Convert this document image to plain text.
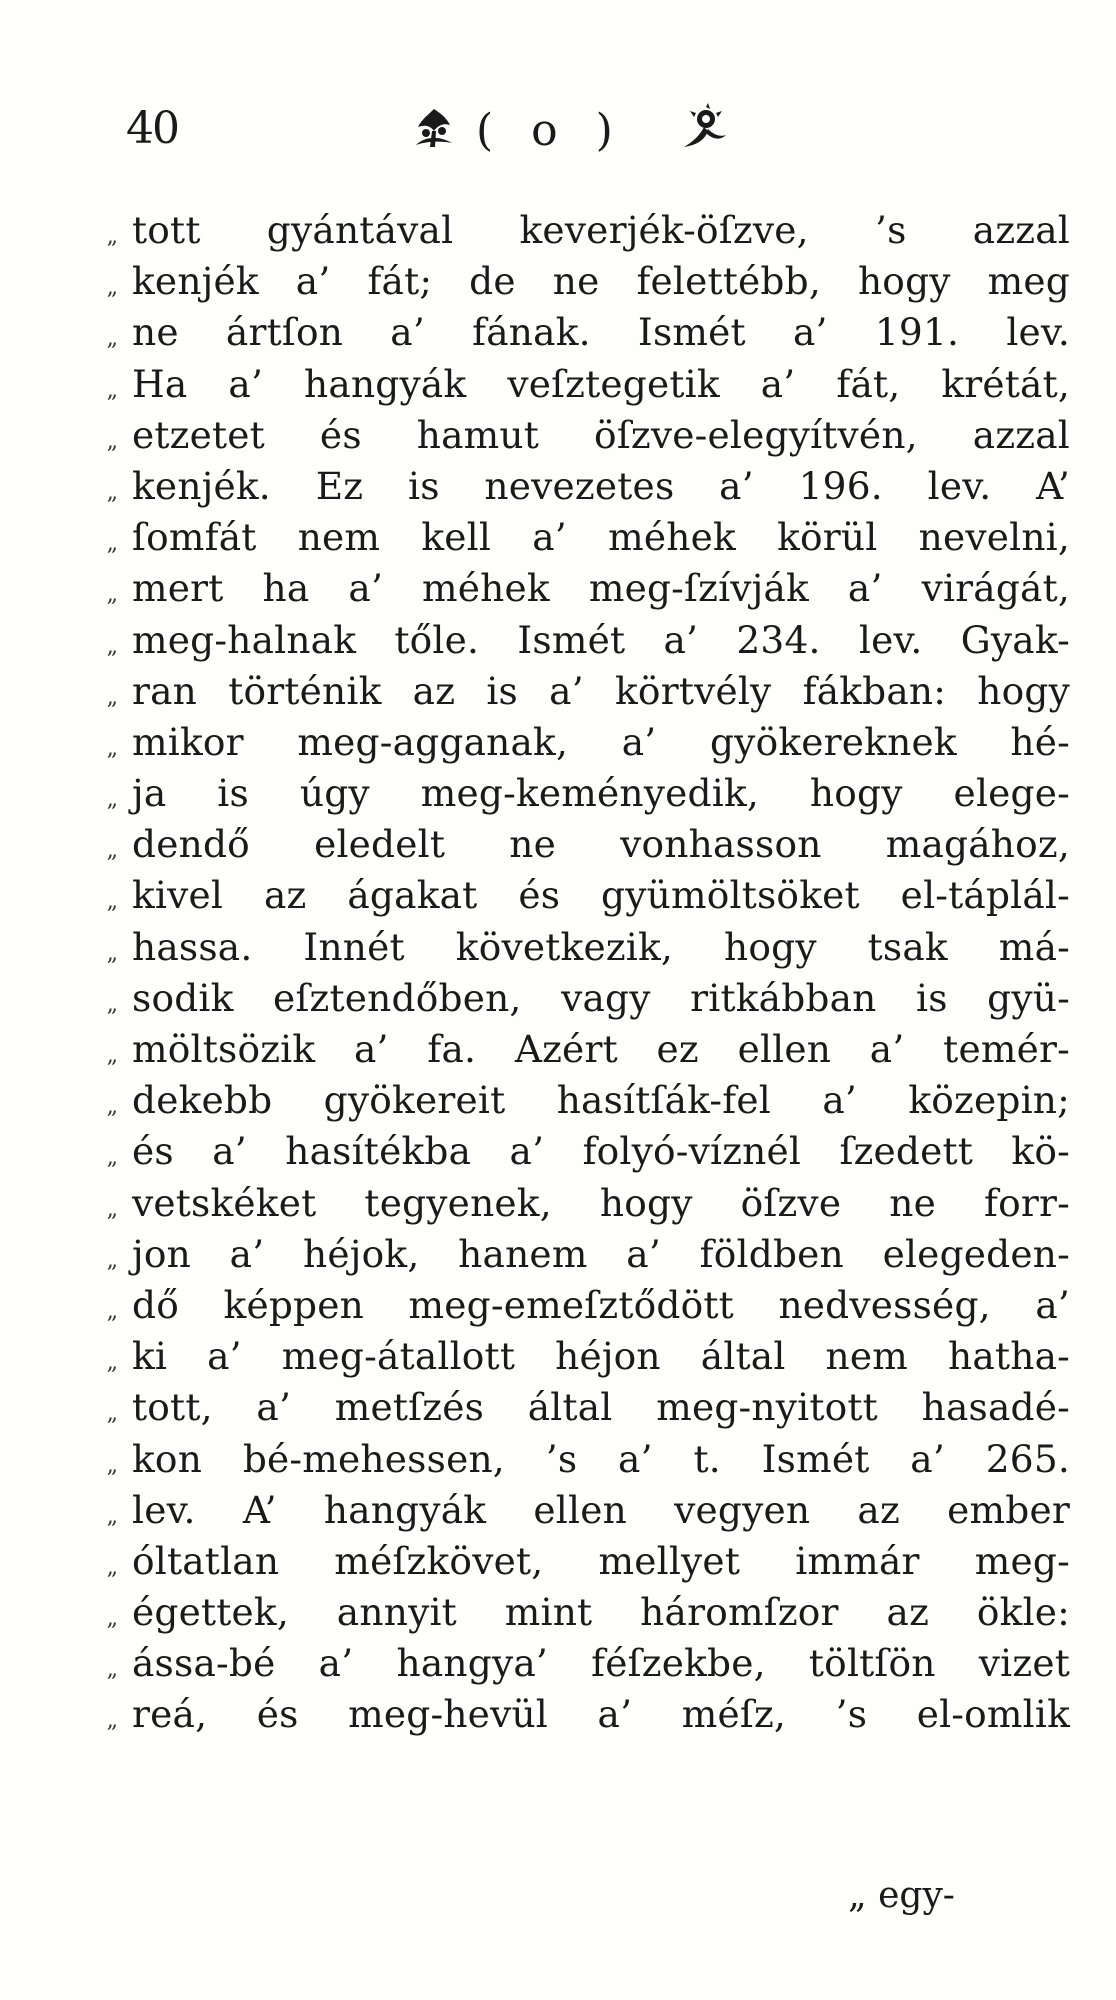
40	( o )
„ tott gyántával keverjék-öſzve, ’s azzal
„ kenjék a’ fát; de ne felettébb, hogy meg
„ ne ártſon a’ fának. Ismét a’ 191. lev.
„ Ha a’ hangyák veſztegetik a’ fát, krétát,
„ etzetet és hamut öſzve-elegyítvén, azzal
„ kenjék. Ez is nevezetes a’ 196. lev. A’
„ ſomfát nem kell a’ méhek körül nevelni,
„ mert ha a’ méhek meg-ſzívják a’ virágát,
„ meg-halnak tőle. Ismét a’ 234. lev. Gyak-
„ ran történik az is a’ körtvély fákban: hogy
„ mikor meg-agganak, a’ gyökereknek hé-
„ ja is úgy meg-keményedik, hogy elege-
„ dendő eledelt ne vonhasson magához,
„ kivel az ágakat és gyümöltsöket el-táplál-
„ hassa. Innét következik, hogy tsak má-
„ sodik eſztendőben, vagy ritkábban is gyü-
„ möltsözik a’ fa. Azért ez ellen a’ temér-
„ dekebb gyökereit hasítſák-fel a’ közepin;
„ és a’ hasítékba a’ folyó-víznél ſzedett kö-
„ vetskéket tegyenek, hogy öſzve ne forr-
„ jon a’ héjok, hanem a’ földben elegeden-
„ dő képpen meg-emeſztődött nedvesség, a’
„ ki a’ meg-átallott héjon által nem hatha-
„ tott, a’ metſzés által meg-nyitott hasadé-
„ kon bé-mehessen, ’s a’ t. Ismét a’ 265.
„ lev. A’ hangyák ellen vegyen az ember
„ óltatlan méſzkövet, mellyet immár meg-
„ égettek, annyit mint háromſzor az ökle:
„ ássa-bé a’ hangya’ féſzekbe, töltſön vizet
„ reá, és meg-hevül a’ méſz, ’s el-omlik
„ egy-
